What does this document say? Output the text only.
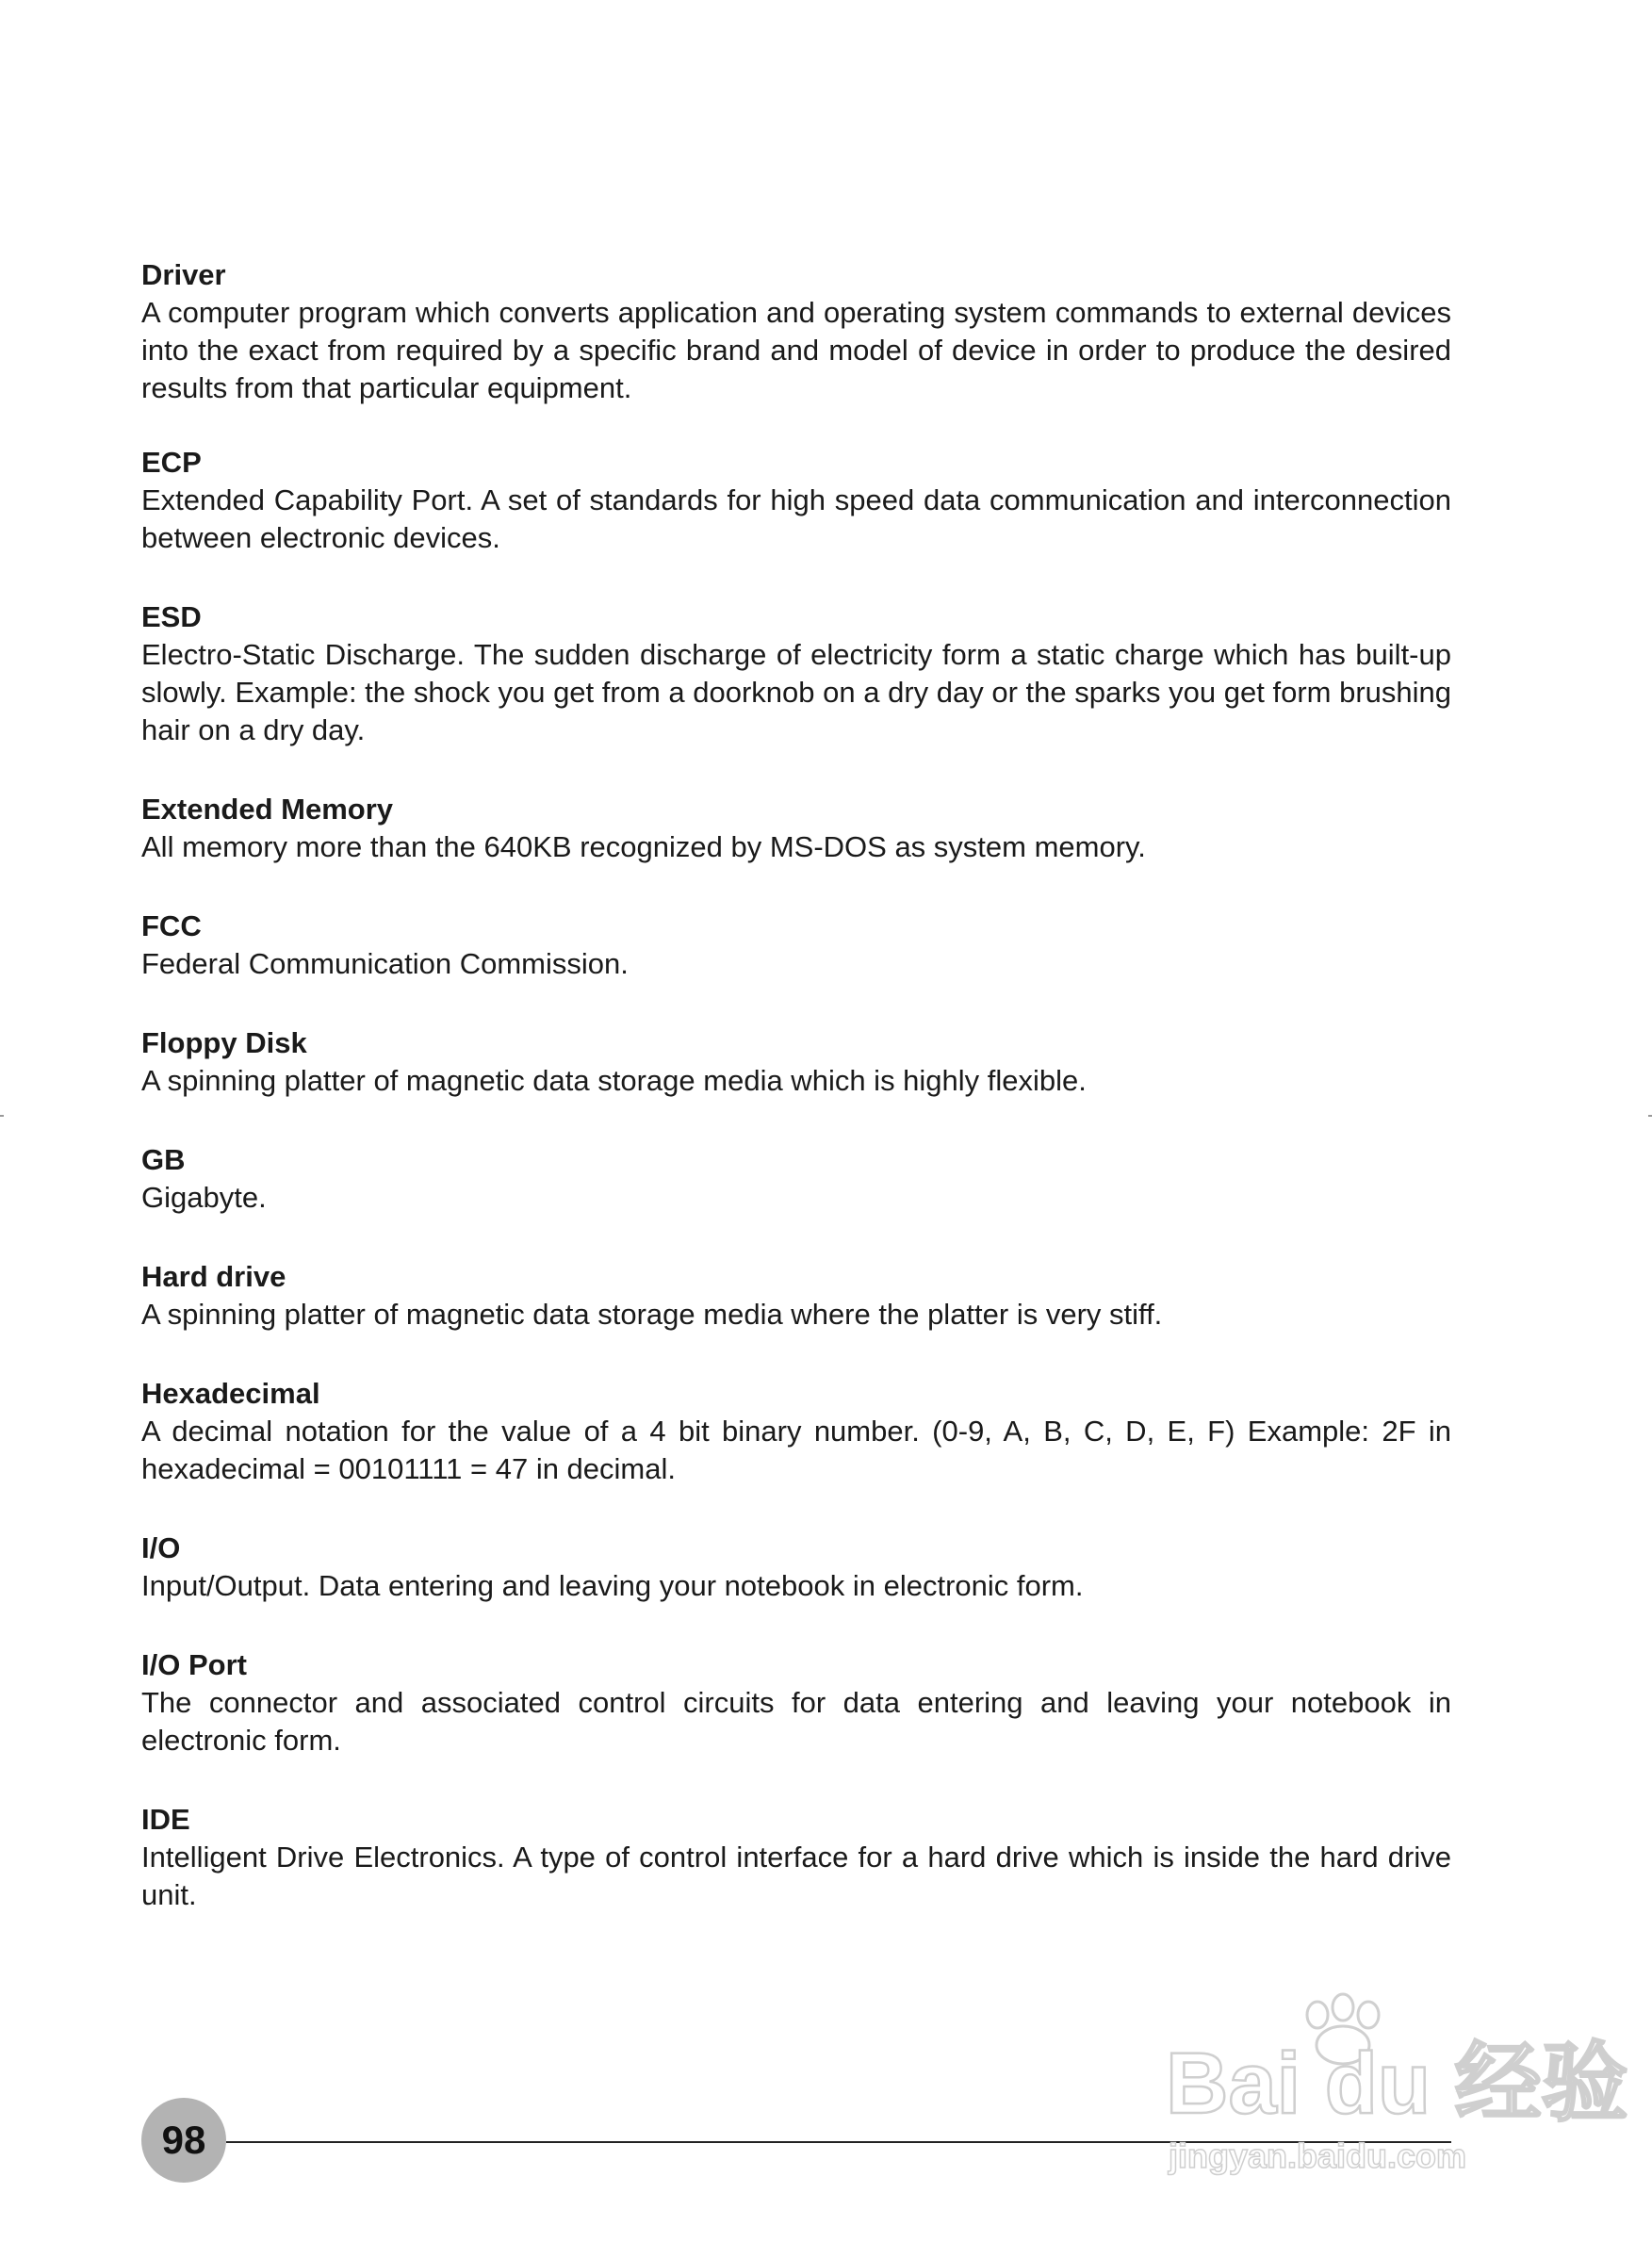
Driver

A computer program which converts application and operating system commands to external devices into the exact from required by a specific brand and model of device in order to produce the desired results from that particular equipment.

ECP

Extended Capability Port. A set of standards for high speed data communication and interconnection between electronic devices.

ESD

Electro-Static Discharge. The sudden discharge of electricity form a static charge which has built-up slowly. Example: the shock you get from a doorknob on a dry day or the sparks you get form brushing hair on a dry day.

Extended Memory

All memory more than the 640KB recognized by MS-DOS as system memory.

FCC

Federal Communication Commission.

Floppy Disk

A spinning platter of magnetic data storage media which is highly flexible.

GB

Gigabyte.

Hard drive

A spinning platter of magnetic data storage media where the platter is very stiff.

Hexadecimal

A decimal notation for the value of a 4 bit binary number. (0-9, A, B, C, D, E, F) Example: 2F in hexadecimal = 00101111 = 47 in decimal.

I/O

Input/Output. Data entering and leaving your notebook in electronic form.

I/O Port

The connector and associated control circuits for data entering and leaving your notebook in electronic form.

IDE

Intelligent Drive Electronics. A type of control interface for a hard drive which is inside the hard drive unit.

98
Bai du 经验
jingyan.baidu.com
